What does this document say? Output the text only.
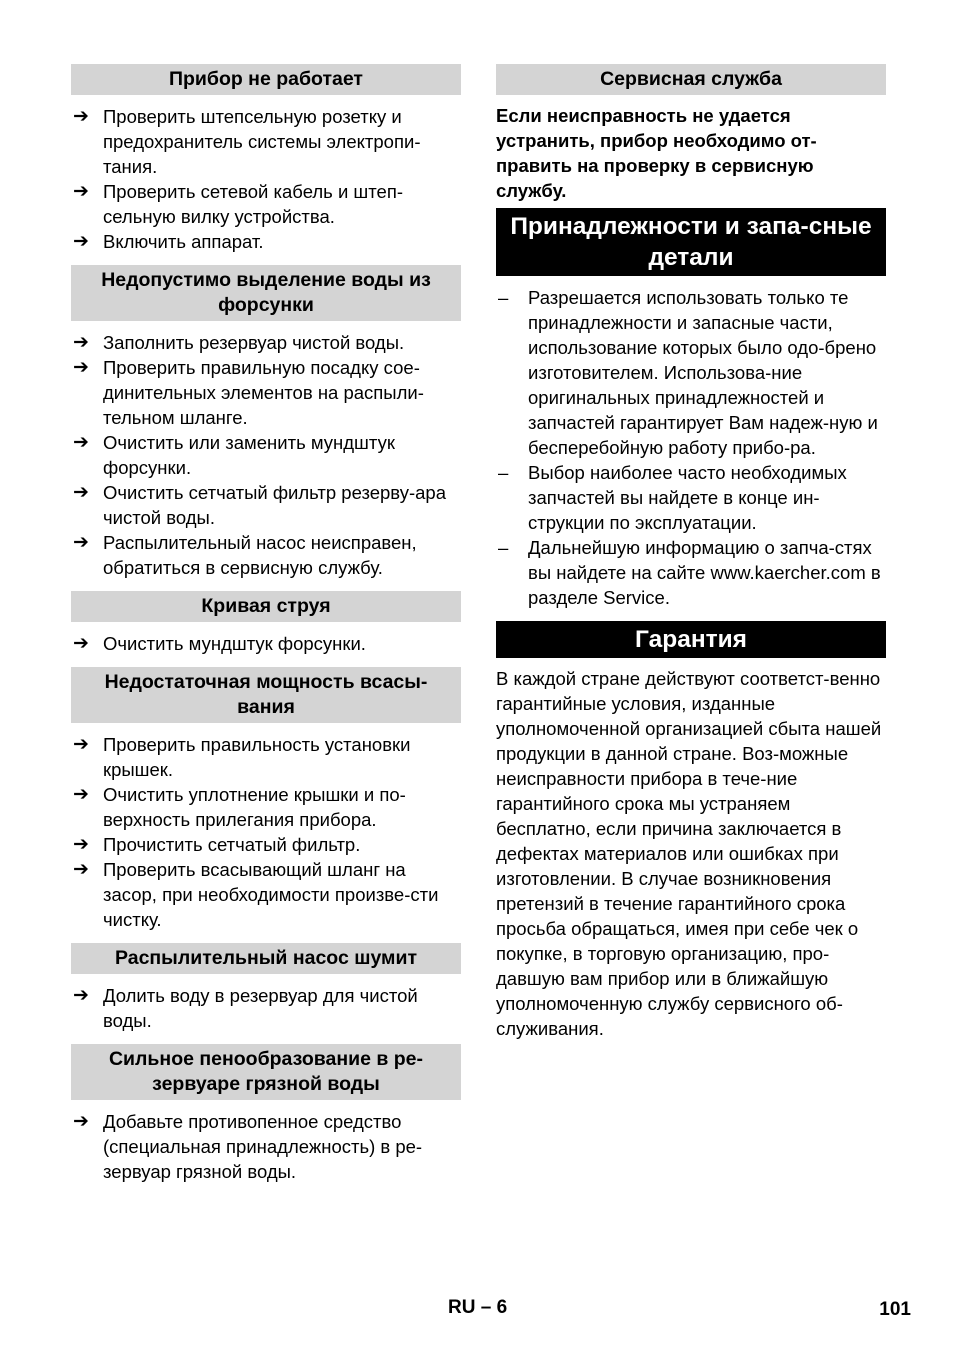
Прибор не работает
➔ Проверить штепсельную розетку и предохранитель системы электропи-тания.
➔ Проверить сетевой кабель и штеп-сельную вилку устройства.
➔ Включить аппарат.
Недопустимо выделение воды из форсунки
➔ Заполнить резервуар чистой воды.
➔ Проверить правильную посадку сое-динительных элементов на распыли-тельном шланге.
➔ Очистить или заменить мундштук форсунки.
➔ Очистить сетчатый фильтр резерву-ара чистой воды.
➔ Распылительный насос неисправен, обратиться в сервисную службу.
Кривая струя
➔ Очистить мундштук форсунки.
Недостаточная мощность всасы-вания
➔ Проверить правильность установки крышек.
➔ Очистить уплотнение крышки и по-верхность прилегания прибора.
➔ Прочистить сетчатый фильтр.
➔ Проверить всасывающий шланг на засор, при необходимости произве-сти чистку.
Распылительный насос шумит
➔ Долить воду в резервуар для чистой воды.
Сильное пенообразование в ре-зервуаре грязной воды
➔ Добавьте противопенное средство (специальная принадлежность) в ре-зервуар грязной воды.
Сервисная служба

Если неисправность не удается устранить, прибор необходимо от-править на проверку в сервисную службу.

Принадлежности и запа-сные детали
– Разрешается использовать только те принадлежности и запасные части, использование которых было одо-брено изготовителем. Использова-ние оригинальных принадлежностей и запчастей гарантирует Вам надеж-ную и бесперебойную работу прибо-ра.
– Выбор наиболее часто необходимых запчастей вы найдете в конце ин-струкции по эксплуатации.
– Дальнейшую информацию о запча-стях вы найдете на сайте www.kaercher.com в разделе Service.
Гарантия

В каждой стране действуют соответст-венно гарантийные условия, изданные уполномоченной организацией сбыта нашей продукции в данной стране. Воз-можные неисправности прибора в тече-ние гарантийного срока мы устраняем бесплатно, если причина заключается в дефектах материалов или ошибках при изготовлении. В случае возникновения претензий в течение гарантийного срока просьба обращаться, имея при себе чек о покупке, в торговую организацию, про-давшую вам прибор или в ближайшую уполномоченную службу сервисного об-служивания.

RU – 6	101
